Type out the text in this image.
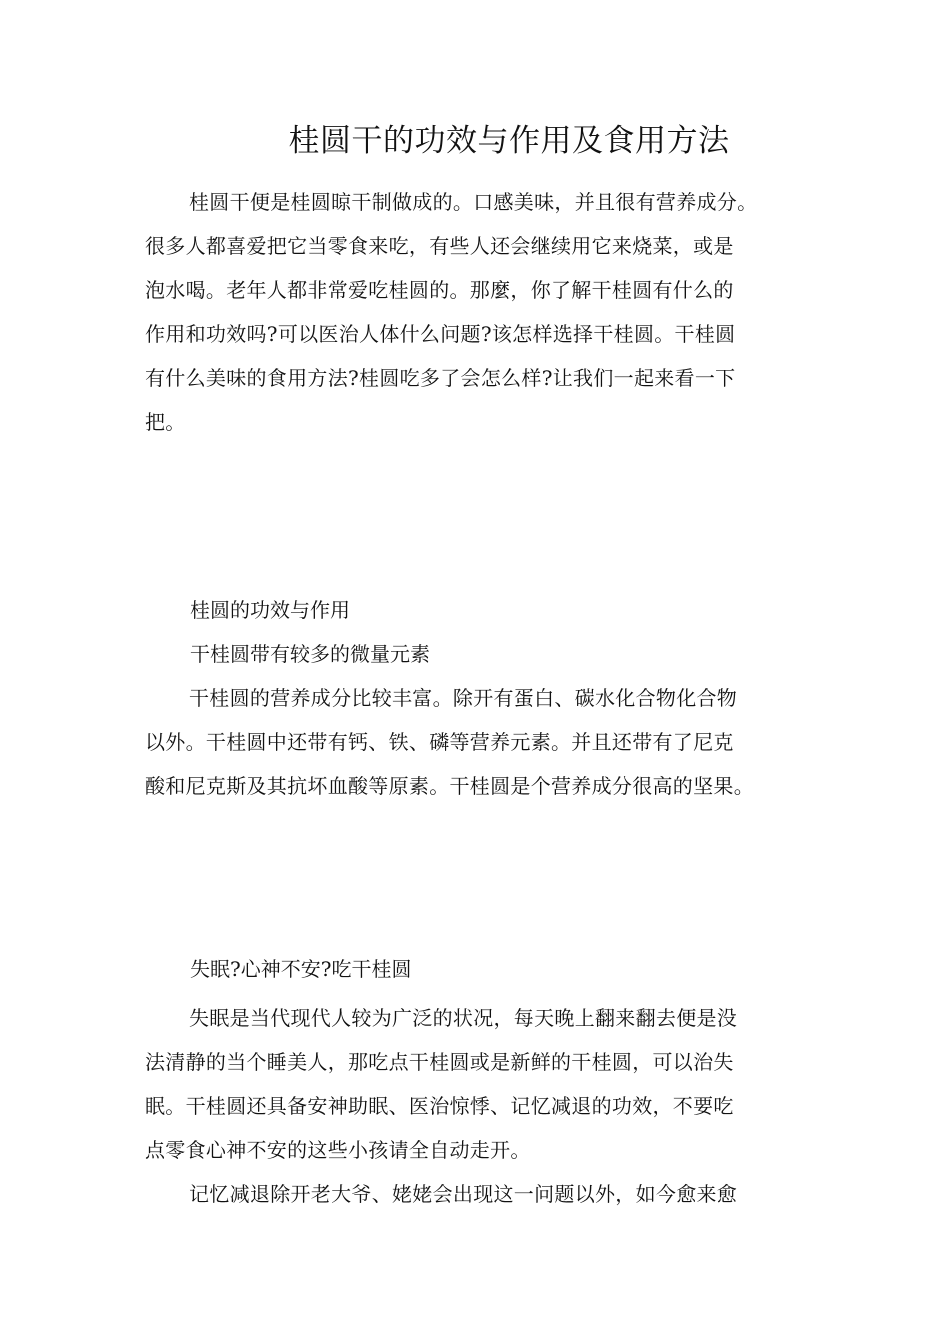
桂圆干的功效与作用及食用方法

桂圆干便是桂圆晾干制做成的。口感美味，并且很有营养成分。
很多人都喜爱把它当零食来吃，有些人还会继续用它来烧菜，或是
泡水喝。老年人都非常爱吃桂圆的。那麼，你了解干桂圆有什么的
作用和功效吗?可以医治人体什么问题?该怎样选择干桂圆。干桂圆
有什么美味的食用方法?桂圆吃多了会怎么样?让我们一起来看一下
把。

桂圆的功效与作用

干桂圆带有较多的微量元素

干桂圆的营养成分比较丰富。除开有蛋白、碳水化合物化合物
以外。干桂圆中还带有钙、铁、磷等营养元素。并且还带有了尼克
酸和尼克斯及其抗坏血酸等原素。干桂圆是个营养成分很高的坚果。

失眠?心神不安?吃干桂圆

失眠是当代现代人较为广泛的状况，每天晚上翻来翻去便是没
法清静的当个睡美人，那吃点干桂圆或是新鲜的干桂圆，可以治失
眠。干桂圆还具备安神助眠、医治惊悸、记忆减退的功效，不要吃
点零食心神不安的这些小孩请全自动走开。

记忆减退除开老大爷、姥姥会出现这一问题以外，如今愈来愈
